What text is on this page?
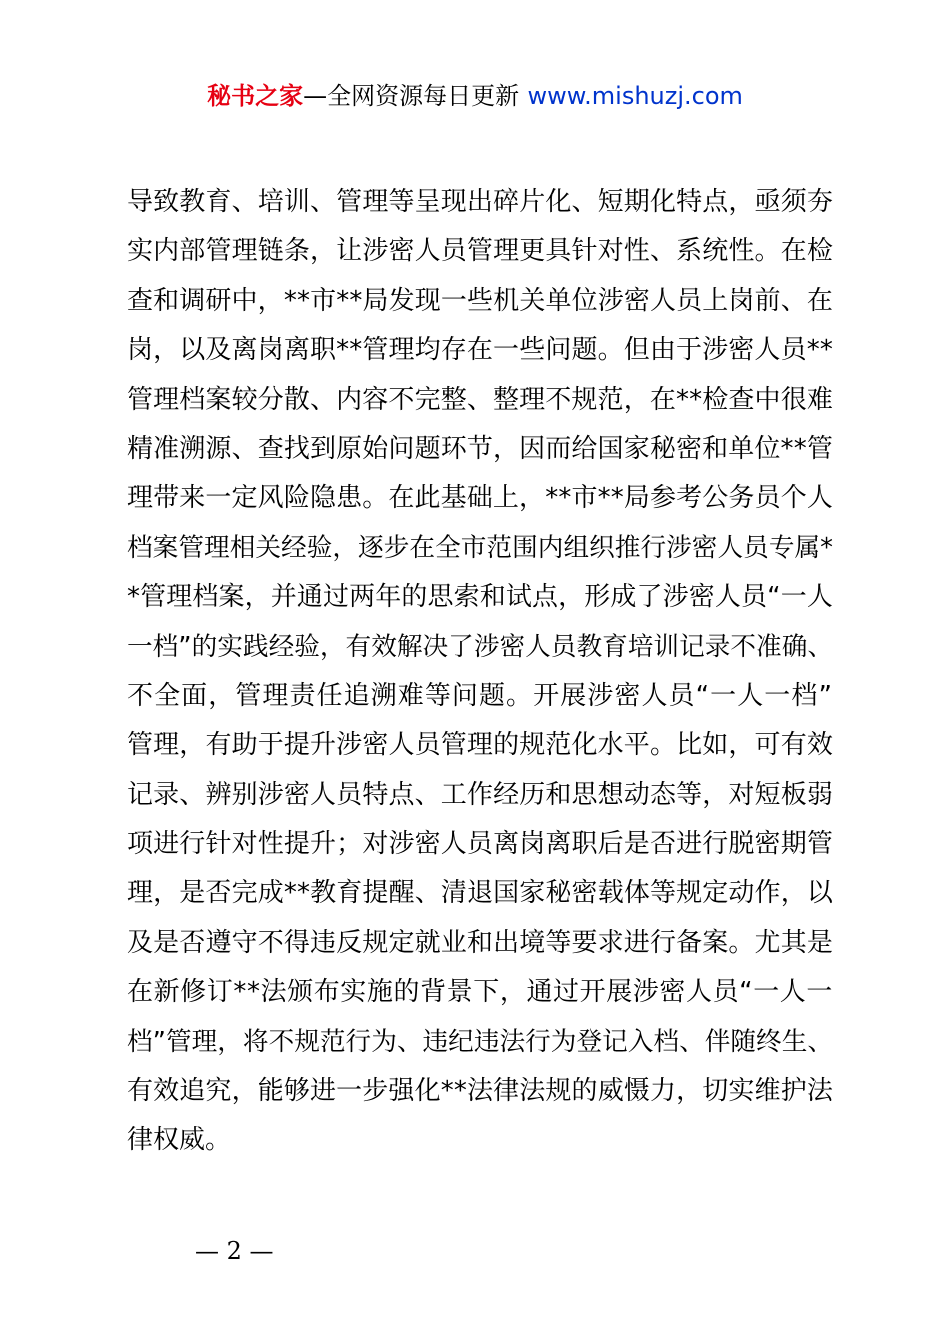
秘书之家—全网资源每日更新 www.mishuzj.com
导致教育、培训、管理等呈现出碎片化、短期化特点，亟须夯
实内部管理链条，让涉密人员管理更具针对性、系统性。在检
查和调研中，**市**局发现一些机关单位涉密人员上岗前、在
岗，以及离岗离职**管理均存在一些问题。但由于涉密人员**
管理档案较分散、内容不完整、整理不规范，在**检查中很难
精准溯源、查找到原始问题环节，因而给国家秘密和单位**管
理带来一定风险隐患。在此基础上，**市**局参考公务员个人
档案管理相关经验，逐步在全市范围内组织推行涉密人员专属*
*管理档案，并通过两年的思索和试点，形成了涉密人员“一人
一档”的实践经验，有效解决了涉密人员教育培训记录不准确、
不全面，管理责任追溯难等问题。开展涉密人员“一人一档”
管理，有助于提升涉密人员管理的规范化水平。比如，可有效
记录、辨别涉密人员特点、工作经历和思想动态等，对短板弱
项进行针对性提升；对涉密人员离岗离职后是否进行脱密期管
理，是否完成**教育提醒、清退国家秘密载体等规定动作，以
及是否遵守不得违反规定就业和出境等要求进行备案。尤其是
在新修订**法颁布实施的背景下，通过开展涉密人员“一人一
档”管理，将不规范行为、违纪违法行为登记入档、伴随终生、
有效追究，能够进一步强化**法律法规的威慑力，切实维护法
律权威。
— 2 —
